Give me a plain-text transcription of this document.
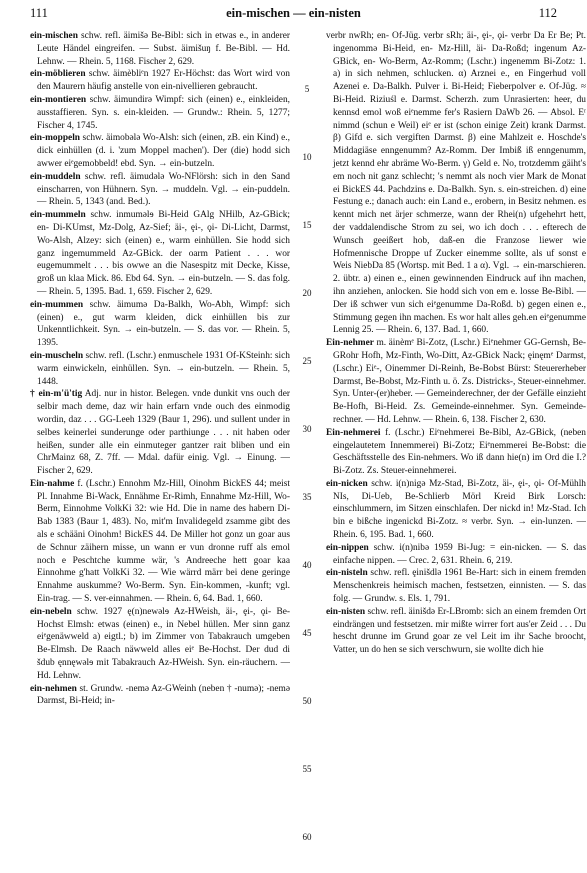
111	ein-mischen — ein-nisten	112

ein-mischen schw. refl. äimišə Be-Bibl: sich in etwas e., in anderer Leute Händel eingreifen. — Subst. äimišuŋ f. Be-Bibl. — Hd. Lehnw. — Rhein. 5, 1168. Fischer 2, 629.

ein-möblieren schw. äimèbliᵉn 1927 Er-Höchst: das Wort wird von den Maurern häufig anstelle von ein-nivellieren gebraucht.

ein-montieren schw. äimundirə Wimpf: sich (einen) e., einkleiden, ausstaffieren. Syn. s. ein-kleiden. — Grundw.: Rhein. 5, 1277; Fischer 4, 1745.

ein-moppeln schw. äimobələ Wo-Alsh: sich (einen, zB. ein Kind) e., dick einhüllen (d. i. 'zum Moppel machen'). Der (die) hodd sich awwer eiᵉgemobbeld! ebd. Syn. → ein-butzeln.

ein-muddeln schw. refl. äimudələ Wo-NFlörsh: sich in den Sand einscharren, von Hühnern. Syn. → muddeln. Vgl. → ein-puddeln. — Rhein. 5, 1343 (and. Bed.).

ein-mummeln schw. inmuməlɘ Bi-Heid GAlg NHilb, Az-GBick; en- Di-KUmst, Mz-Dolg, Az-Sief; äi-, ȩi-, ǫi- Di-Licht, Darmst, Wo-Alsh, Alzey: sich (einen) e., warm einhüllen. Sie hodd sich ganz ingemummeld Az-GBick. der oarm Patient . . . wor eugemummelt . . . bis owwe an die Nasespitz mit Decke, Kisse, groß un klaa Mick. 86. Ebd 64. Syn. → ein-butzeln. — S. das folg. — Rhein. 5, 1395. Bad. 1, 659. Fischer 2, 629.

ein-mummen schw. äimumə Da-Balkh, Wo-Abh, Wimpf: sich (einen) e., gut warm kleiden, dick einhüllen bis zur Unkenntlichkeit. Syn. → ein-butzeln. — S. das vor. — Rhein. 5, 1395.

ein-muscheln schw. refl. (Lschr.) enmuschele 1931 Of-KSteinh: sich warm einwickeln, einhüllen. Syn. → ein-butzeln. — Rhein. 5, 1448.

† ein-m'ü'tig Adj. nur in histor. Belegen. vnde dunkit vns ouch der selbir mach deme, daz wir hain erfarn vnde ouch des einmodig wordin, daz . . . GG-Leeh 1329 (Baur 1, 296). und sullent under in selbes keinerlei sunderunge oder parthiunge . . . nit haben oder heißen, sunder alle ein einmuteger gantzer rait bliben und ein ChrMainz 68, Z. 7ff. — Mdal. dafür einig. Vgl. → Einung. — Fischer 2, 629.

Ein-nahme f. (Lschr.) Ennohm Mz-Hill, Oinohm BickES 44; meist Pl. Innahme Bi-Wack, Ennähme Er-Rimh, Ennahme Mz-Hill, Wo-Berm, Einnohme VolkKi 32: wie Hd. Die in name des habern Di-Bab 1383 (Baur 1, 483). No, mit'm Invalidegeld zsamme gibt des als e schääni Oinohm! BickES 44. De Miller hot gonz un goar aus de Schnur zäihern misse, un wann er vun dronne ruff als emol noch e Peschtche kumme wär, 's Andreeche hett goar kaa Einnohme g'hatt VolkKi 32. — Wie wärrd märr bei dene geringe Ennahme auskumme? Wo-Berm. Syn. Ein-kommen, -kunft; vgl. Ein-trag. — S. ver-einnahmen. — Rhein. 6, 64. Bad. 1, 660.

ein-nebeln schw. 1927 ę(n)newəlɘ Az-HWeish, äi-, ȩi-, ǫi- Be-Hochst Elmsh: etwas (einen) e., in Nebel hüllen. Mer sinn ganz eiᵉgenäwweld a) eigtl.; b) im Zimmer von Tabakrauch umgeben Be-Elmsh. De Raach näwweld alles eiᵉ Be-Hochst. Der dud di šdub ęnnęwəlɘ mit Tabakrauch Az-HWeish. Syn. ein-räuchern. — Hd. Lehnw.

ein-nehmen st. Grundw. -nemə Az-GWeinh (neben † -numə); -nemə Darmst, Bi-Heid; in-

5
10
15
20
25
30
35
40
45
50
55
60

verbr nwRh; en- Of-Jüg. verbr sRh; äi-, ȩi-, ǫi- verbr Da Er Be; Pt. ingenommə Bi-Heid, en- Mz-Hill, äi- Da-Roßd; ingenum Az-GBick, en- Wo-Berm, Az-Romm; (Lschr.) ingenemm Bi-Zotz: 1. a) in sich nehmen, schlucken. α) Arznei e., en Fingerhud voll Azenei e. Da-Balkh. Pulver i. Bi-Heid; Fieberpolver e. Of-Jüg. ≈ Bi-Heid. Riziuśl e. Darmst. Scherzh. zum Unrasierten: heer, du kennsd emol woß eiᵉnemme fer's Rasiern DaWb 26. — Absol. Eʳ nimmd (schun e Weil) eiᵉ er ist (schon einige Zeit) krank Darmst. β) Gifd e. sich vergiften Darmst. β) eine Mahlzeit e. Hoschde's Middagiäse enngenumm? Az-Romm. Der Imbiß iß enngenumm, jetzt kennd ehr abräme Wo-Berm. γ) Geld e. No, trotzdemm gäiht's em noch nit ganz schlecht; 's nemmt als noch vier Mark de Monat ei BickES 44. Pachdzins e. Da-Balkh. Syn. s. ein-streichen. d) eine Festung e.; danach auch: ein Land e., erobern, in Besitz nehmen. es kennt mich net ärjer schmerze, wann der Rhei(n) ufgehehrt hett, der vaddalendische Strom zu sei, wo ich doch . . . efterech de Wunsch geeißert hob, daß-en die Franzose liewer wie Hofmennische Droppe uf Zucker einemme sollte, als uf sonst e Weis NiebDa 85 (Wortsp. mit Bed. 1 a α). Vgl. → ein-marschieren. 2. übtr. a) einen e., einen gewinnenden Eindruck auf ihn machen, ihn anziehen, anlocken. Sie hodd sich von em e. losse Be-Bibl. — Der iß schwer vun sich eiᵉgenumme Da-Roßd. b) gegen einen e., Stimmung gegen ihn machen. Es wor halt alles geh.en eiᵉgenumme Lennig 25. — Rhein. 6, 137. Bad. 1, 660.

Ein-nehmer m. äinèmᵉ Bi-Zotz, (Lschr.) Eiᵉnehmer GG-Gernsh, Be-GRohr Hofh, Mz-Finth, Wo-Ditt, Az-GBick Nack; ȩinęmᵉ Darmst, (Lschr.) Eiᵉ-, Oinemmer Di-Reinh, Be-Bobst Bürst: Steuererheber Darmst, Be-Bobst, Mz-Finth u. ö. Zs. Districks-, Steuer-einnehmer. Syn. Unter-(er)heber. — Gemeinderechner, der der Gefälle einzieht Be-Hofh, Bi-Heid. Zs. Gemeinde-einnehmer. Syn. Gemeinde-rechner. — Hd. Lehnw. — Rhein. 6, 138. Fischer 2, 630.

Ein-nehmerei f. (Lschr.) Eiᵉnehmerei Be-Bibl, Az-GBick, (neben eingelautetem Innemmerei) Bi-Zotz; Eiᵉnemmerei Be-Bobst: die Geschäftsstelle des Ein-nehmers. Wo iß dann hie(n) im Ord die I.? Bi-Zotz. Zs. Steuer-einnehmerei.

ein-nicken schw. i(n)nigə Mz-Stad, Bi-Zotz, äi-, ȩi-, ǫi- Of-Mühlh NIs, Di-Ueb, Be-Schlierb Mörl Kreid Birk Lorsch: einschlummern, im Sitzen einschlafen. Der nickd in! Mz-Stad. Ich bin e bißche ingenickd Bi-Zotz. ≈ verbr. Syn. → ein-lunzen. — Rhein. 6, 195. Bad. 1, 660.

ein-nippen schw. i(n)nibə 1959 Bi-Jug: = ein-nicken. — S. das einfache nippen. — Crec. 2, 631. Rhein. 6, 219.

ein-nisteln schw. refl. ȩinišdlə 1961 Be-Hart: sich in einem fremden Menschenkreis heimisch machen, festsetzen, einnisten. — S. das folg. — Grundw. s. Els. 1, 791.

ein-nisten schw. refl. äinišdə Er-LBromb: sich an einem fremden Ort eindrängen und festsetzen. mir mißte wirrer fort aus'er Zeid . . . Du hescht drunne im Grund goar ze vel Leit im ihr Sache broocht, Vatter, un do hen se sich verschwurn, sie wollte dich hie
